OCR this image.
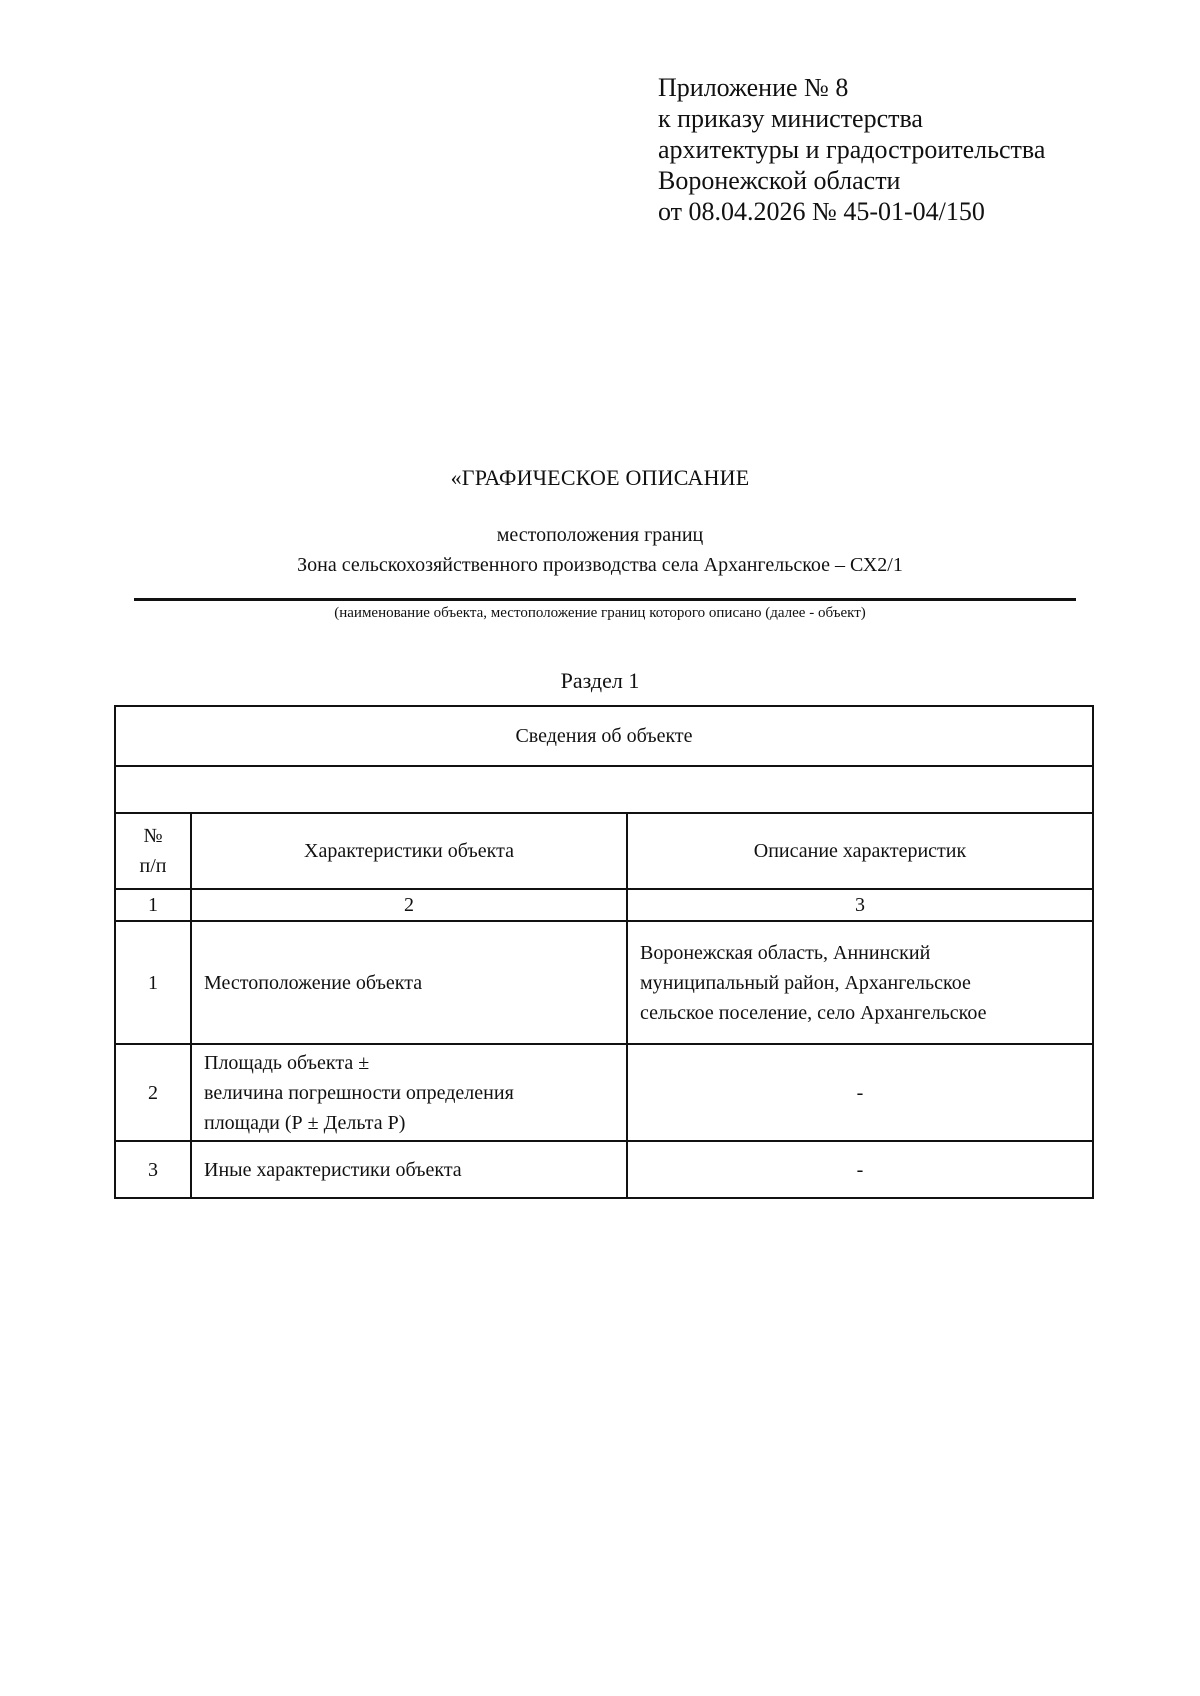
Приложение № 8
к приказу министерства
архитектуры и градостроительства
Воронежской области
от 08.04.2026 № 45-01-04/150
«ГРАФИЧЕСКОЕ ОПИСАНИЕ
местоположения границ
Зона сельскохозяйственного производства села Архангельское – СХ2/1
(наименование объекта, местоположение границ которого описано (далее - объект)
Раздел 1
Сведения об объекте		

№
п/п	Характеристики объекта	Описание характеристик
1	2	3
1	Местоположение объекта	Воронежская область, Аннинский
муниципальный район, Архангельское
сельское поселение, село Архангельское

2	Площадь объекта ±
величина погрешности определения
площади (Р ± Дельта Р)	-

3	Иные характеристики объекта	-
